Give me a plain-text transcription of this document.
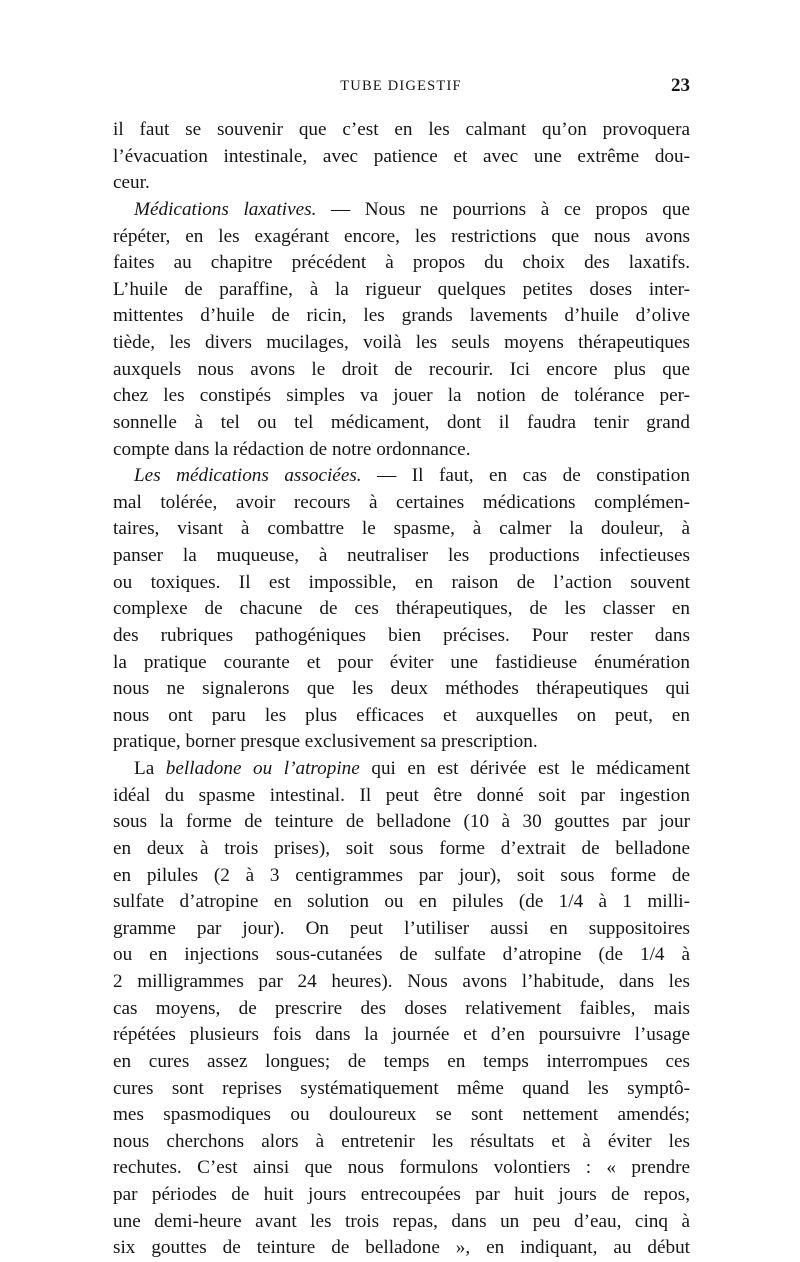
TUBE DIGESTIF	23
il faut se souvenir que c’est en les calmant qu’on provoquera
l’évacuation intestinale, avec patience et avec une extrême dou-
ceur.
Médications laxatives. — Nous ne pourrions à ce propos que
répéter, en les exagérant encore, les restrictions que nous avons
faites au chapitre précédent à propos du choix des laxatifs.
L’huile de paraffine, à la rigueur quelques petites doses inter-
mittentes d’huile de ricin, les grands lavements d’huile d’olive
tiède, les divers mucilages, voilà les seuls moyens thérapeutiques
auxquels nous avons le droit de recourir. Ici encore plus que
chez les constipés simples va jouer la notion de tolérance per-
sonnelle à tel ou tel médicament, dont il faudra tenir grand
compte dans la rédaction de notre ordonnance.
Les médications associées. — Il faut, en cas de constipation
mal tolérée, avoir recours à certaines médications complémen-
taires, visant à combattre le spasme, à calmer la douleur, à
panser la muqueuse, à neutraliser les productions infectieuses
ou toxiques. Il est impossible, en raison de l’action souvent
complexe de chacune de ces thérapeutiques, de les classer en
des rubriques pathogéniques bien précises. Pour rester dans
la pratique courante et pour éviter une fastidieuse énumération
nous ne signalerons que les deux méthodes thérapeutiques qui
nous ont paru les plus efficaces et auxquelles on peut, en
pratique, borner presque exclusivement sa prescription.
La belladone ou l’atropine qui en est dérivée est le médicament
idéal du spasme intestinal. Il peut être donné soit par ingestion
sous la forme de teinture de belladone (10 à 30 gouttes par jour
en deux à trois prises), soit sous forme d’extrait de belladone
en pilules (2 à 3 centigrammes par jour), soit sous forme de
sulfate d’atropine en solution ou en pilules (de 1/4 à 1 milli-
gramme par jour). On peut l’utiliser aussi en suppositoires
ou en injections sous-cutanées de sulfate d’atropine (de 1/4 à
2 milligrammes par 24 heures). Nous avons l’habitude, dans les
cas moyens, de prescrire des doses relativement faibles, mais
répétées plusieurs fois dans la journée et d’en poursuivre l’usage
en cures assez longues; de temps en temps interrompues ces
cures sont reprises systématiquement même quand les symptô-
mes spasmodiques ou douloureux se sont nettement amendés;
nous cherchons alors à entretenir les résultats et à éviter les
rechutes. C’est ainsi que nous formulons volontiers : « prendre
par périodes de huit jours entrecoupées par huit jours de repos,
une demi-heure avant les trois repas, dans un peu d’eau, cinq à
six gouttes de teinture de belladone », en indiquant, au début
